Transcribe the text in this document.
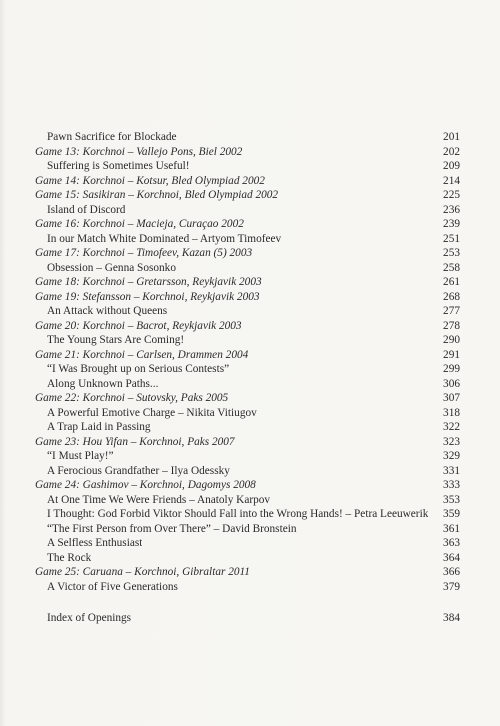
Pawn Sacrifice for Blockade	201
Game 13: Korchnoi – Vallejo Pons, Biel 2002	202
Suffering is Sometimes Useful!	209
Game 14: Korchnoi – Kotsur, Bled Olympiad 2002	214
Game 15: Sasikiran – Korchnoi, Bled Olympiad 2002	225
Island of Discord	236
Game 16: Korchnoi – Macieja, Curaçao 2002	239
In our Match White Dominated – Artyom Timofeev	251
Game 17: Korchnoi – Timofeev, Kazan (5) 2003	253
Obsession – Genna Sosonko	258
Game 18: Korchnoi – Gretarsson, Reykjavik 2003	261
Game 19: Stefansson – Korchnoi, Reykjavik 2003	268
An Attack without Queens	277
Game 20: Korchnoi – Bacrot, Reykjavik 2003	278
The Young Stars Are Coming!	290
Game 21: Korchnoi – Carlsen, Drammen 2004	291
“I Was Brought up on Serious Contests”	299
Along Unknown Paths...	306
Game 22: Korchnoi – Sutovsky, Paks 2005	307
A Powerful Emotive Charge – Nikita Vitiugov	318
A Trap Laid in Passing	322
Game 23: Hou Yifan – Korchnoi, Paks 2007	323
“I Must Play!”	329
A Ferocious Grandfather – Ilya Odessky	331
Game 24: Gashimov – Korchnoi, Dagomys 2008	333
At One Time We Were Friends – Anatoly Karpov	353
I Thought: God Forbid Viktor Should Fall into the Wrong Hands! – Petra Leeuwerik	359
“The First Person from Over There” – David Bronstein	361
A Selfless Enthusiast	363
The Rock	364
Game 25: Caruana – Korchnoi, Gibraltar 2011	366
A Victor of Five Generations	379
Index of Openings	384
